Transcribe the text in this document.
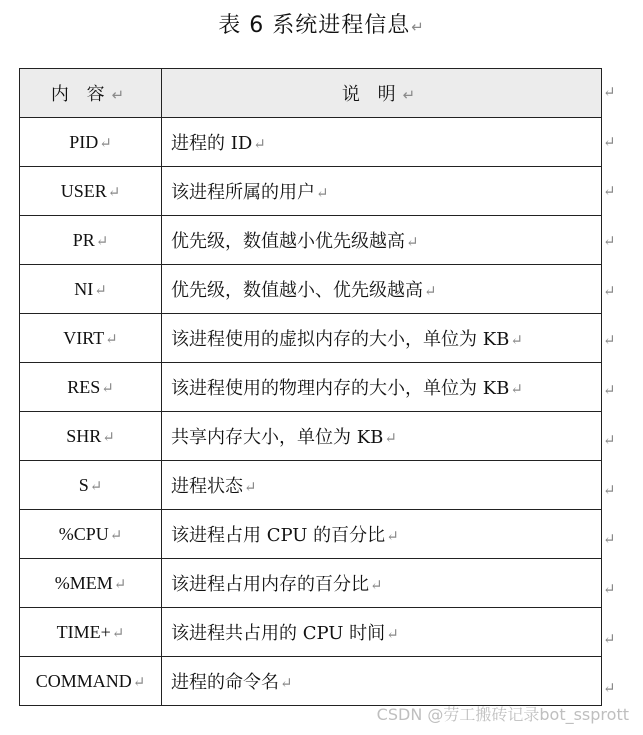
表 6 系统进程信息↵
内 容↵	说 明↵
PID↵	进程的 ID↵
USER↵	该进程所属的用户↵
PR↵	优先级，数值越小优先级越高↵
NI↵	优先级，数值越小、优先级越高↵
VIRT↵	该进程使用的虚拟内存的大小，单位为 KB↵
RES↵	该进程使用的物理内存的大小，单位为 KB↵
SHR↵	共享内存大小，单位为 KB↵
S↵	进程状态↵
%CPU↵	该进程占用 CPU 的百分比↵
%MEM↵	该进程占用内存的百分比↵
TIME+↵	该进程共占用的 CPU 时间↵
COMMAND↵	进程的命令名↵
↵
↵
↵
↵
↵
↵
↵
↵
↵
↵
↵
↵
↵
CSDN @劳工搬砖记录bot_ssprott
